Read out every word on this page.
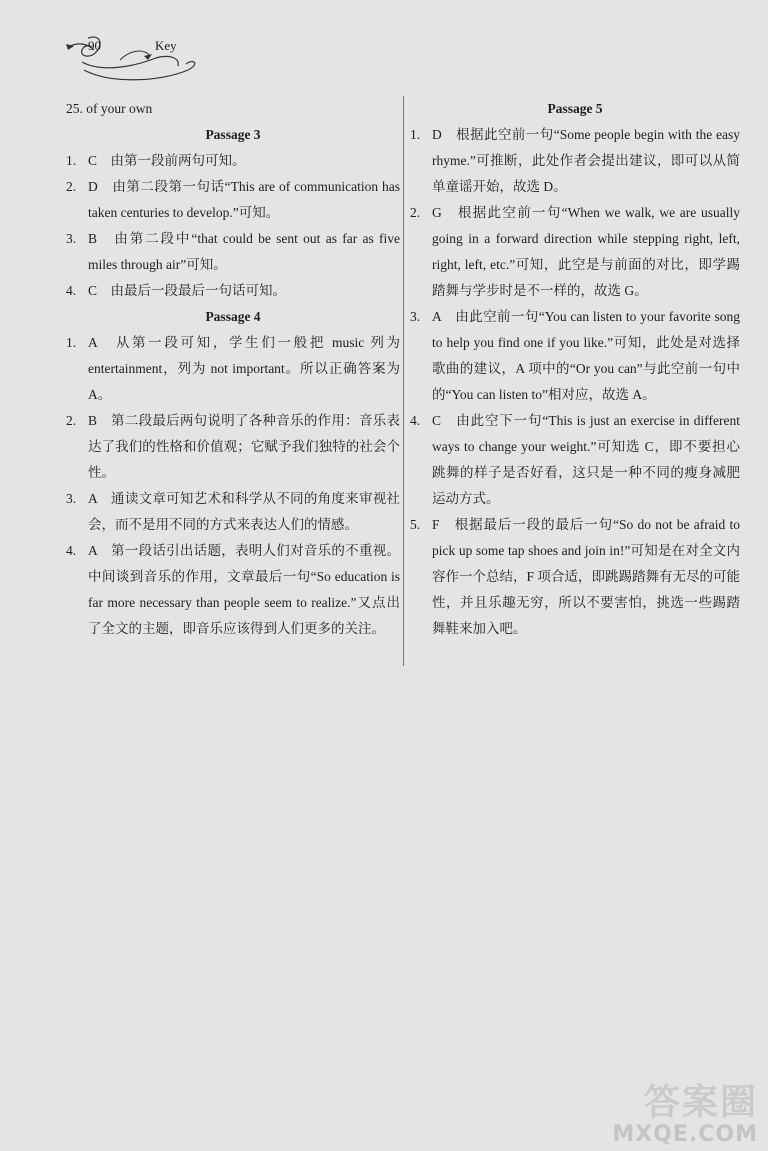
90	Key

25. of your own

Passage 3

1. C　由第一段前两句可知。
2. D　由第二段第一句话“This are of communication has taken centuries to develop.”可知。
3. B　由第二段中“that could be sent out as far as five miles through air”可知。
4. C　由最后一段最后一句话可知。

Passage 4

1. A　从第一段可知，学生们一般把 music 列为 entertainment，列为 not important。所以正确答案为 A。
2. B　第二段最后两句说明了各种音乐的作用：音乐表达了我们的性格和价值观；它赋予我们独特的社会个性。
3. A　通读文章可知艺术和科学从不同的角度来审视社会，而不是用不同的方式来表达人们的情感。
4. A　第一段话引出话题，表明人们对音乐的不重视。中间谈到音乐的作用，文章最后一句“So education is far more necessary than people seem to realize.”又点出了全文的主题，即音乐应该得到人们更多的关注。

Passage 5

1. D　根据此空前一句“Some people begin with the easy rhyme.”可推断，此处作者会提出建议，即可以从简单童谣开始，故选 D。
2. G　根据此空前一句“When we walk, we are usually going in a forward direction while stepping right, left, right, left, etc.”可知，此空是与前面的对比，即学踢踏舞与学步时是不一样的，故选 G。
3. A　由此空前一句“You can listen to your favorite song to help you find one if you like.”可知，此处是对选择歌曲的建议，A 项中的“Or you can”与此空前一句中的“You can listen to”相对应，故选 A。
4. C　由此空下一句“This is just an exercise in different ways to change your weight.”可知选 C，即不要担心跳舞的样子是否好看，这只是一种不同的瘦身减肥运动方式。
5. F　根据最后一段的最后一句“So do not be afraid to pick up some tap shoes and join in!”可知是在对全文内容作一个总结，F 项合适，即跳踢踏舞有无尽的可能性，并且乐趣无穷，所以不要害怕，挑选一些踢踏舞鞋来加入吧。
答案圈
MXQE.COM
